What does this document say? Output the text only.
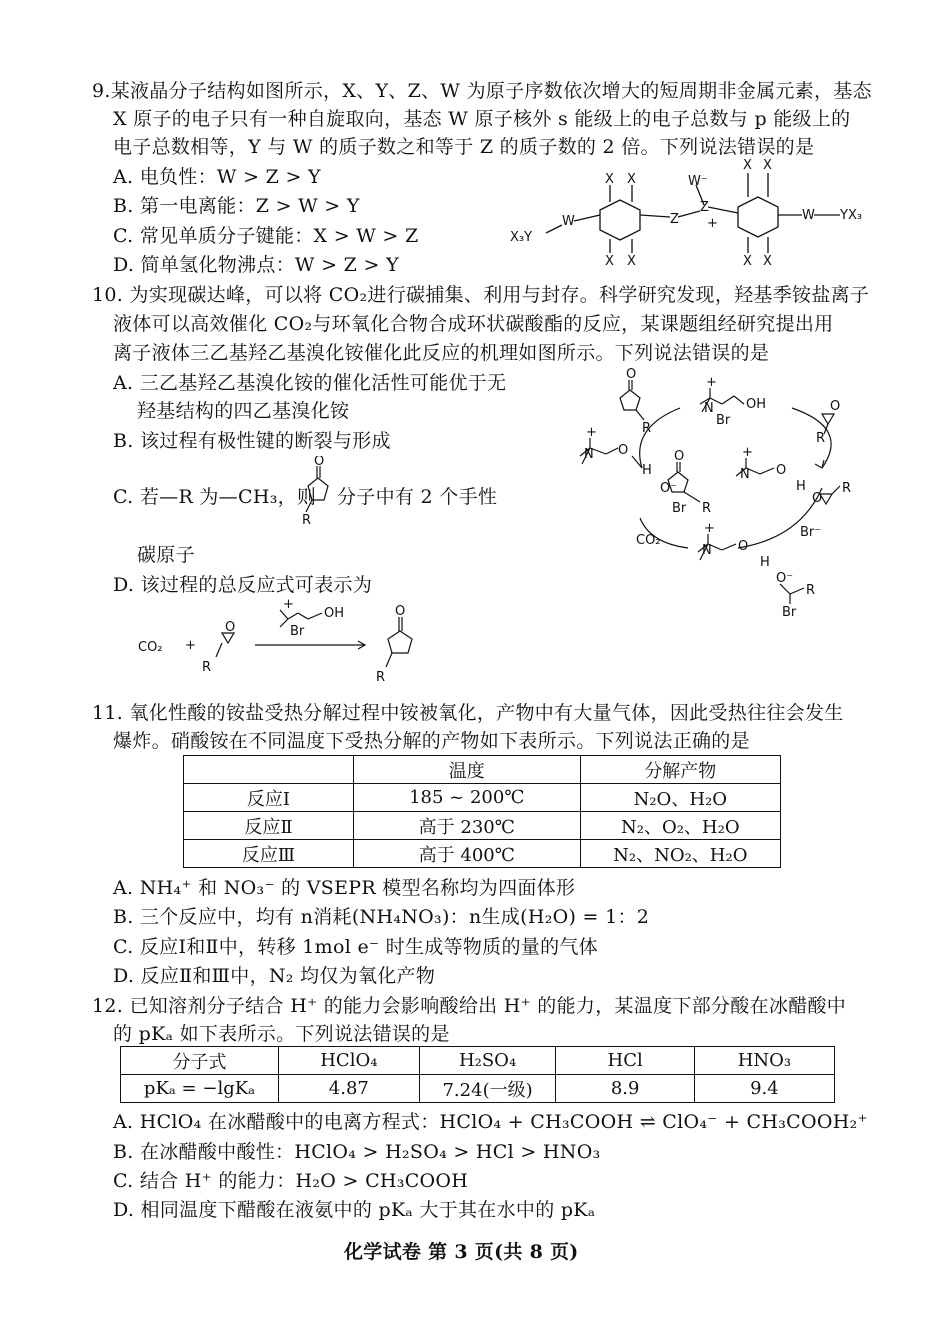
9.某液晶分子结构如图所示，X、Y、Z、W 为原子序数依次增大的短周期非金属元素，基态
X 原子的电子只有一种自旋取向，基态 W 原子核外 s 能级上的电子总数与 p 能级上的
电子总数相等，Y 与 W 的质子数之和等于 Z 的质子数的 2 倍。下列说法错误的是
A. 电负性：W > Z > Y
B. 第一电离能：Z > W > Y
C. 常见单质分子键能：X > W > Z
D. 简单氢化物沸点：W > Z > Y
X₃Y
W	Z
Z
W⁻
+
W YX₃
X X
X X
X X
X X
10. 为实现碳达峰，可以将 CO₂进行碳捕集、利用与封存。科学研究发现，羟基季铵盐离子
液体可以高效催化 CO₂与环氧化合物合成环状碳酸酯的反应，某课题组经研究提出用
离子液体三乙基羟乙基溴化铵催化此反应的机理如图所示。下列说法错误的是
A. 三乙基羟乙基溴化铵的催化活性可能优于无
羟基结构的四乙基溴化铵
B. 该过程有极性键的断裂与形成
C. 若—R 为—CH₃，则 分子中有 2 个手性
碳原子
D. 该过程的总反应式可表示为
O
R
CO₂ +
O
R
OH
Br
+	O
R
O
R
+
N OH
Br
O
R
+
N O
H
O
O⁻
Br R
+
N O
H
O
R
Br⁻
CO₂
+
N O
H
O⁻
R
Br
11. 氧化性酸的铵盐受热分解过程中铵被氧化，产物中有大量气体，因此受热往往会发生
爆炸。硝酸铵在不同温度下受热分解的产物如下表所示。下列说法正确的是
	温度	分解产物
反应Ⅰ	185 ~ 200℃	N₂O、H₂O
反应Ⅱ	高于 230℃	N₂、O₂、H₂O
反应Ⅲ	高于 400℃	N₂、NO₂、H₂O
A. NH₄⁺ 和 NO₃⁻ 的 VSEPR 模型名称均为四面体形
B. 三个反应中，均有 n消耗(NH₄NO₃)：n生成(H₂O) = 1：2
C. 反应Ⅰ和Ⅱ中，转移 1mol e⁻ 时生成等物质的量的气体
D. 反应Ⅱ和Ⅲ中，N₂ 均仅为氧化产物
12. 已知溶剂分子结合 H⁺ 的能力会影响酸给出 H⁺ 的能力，某温度下部分酸在冰醋酸中
的 pKₐ 如下表所示。下列说法错误的是
分子式	HClO₄	H₂SO₄	HCl	HNO₃
pKₐ = −lgKₐ	4.87	7.24(一级)	8.9	9.4
A. HClO₄ 在冰醋酸中的电离方程式：HClO₄ + CH₃COOH ⇌ ClO₄⁻ + CH₃COOH₂⁺
B. 在冰醋酸中酸性：HClO₄ > H₂SO₄ > HCl > HNO₃
C. 结合 H⁺ 的能力：H₂O > CH₃COOH
D. 相同温度下醋酸在液氨中的 pKₐ 大于其在水中的 pKₐ
化学试卷 第 3 页(共 8 页)
